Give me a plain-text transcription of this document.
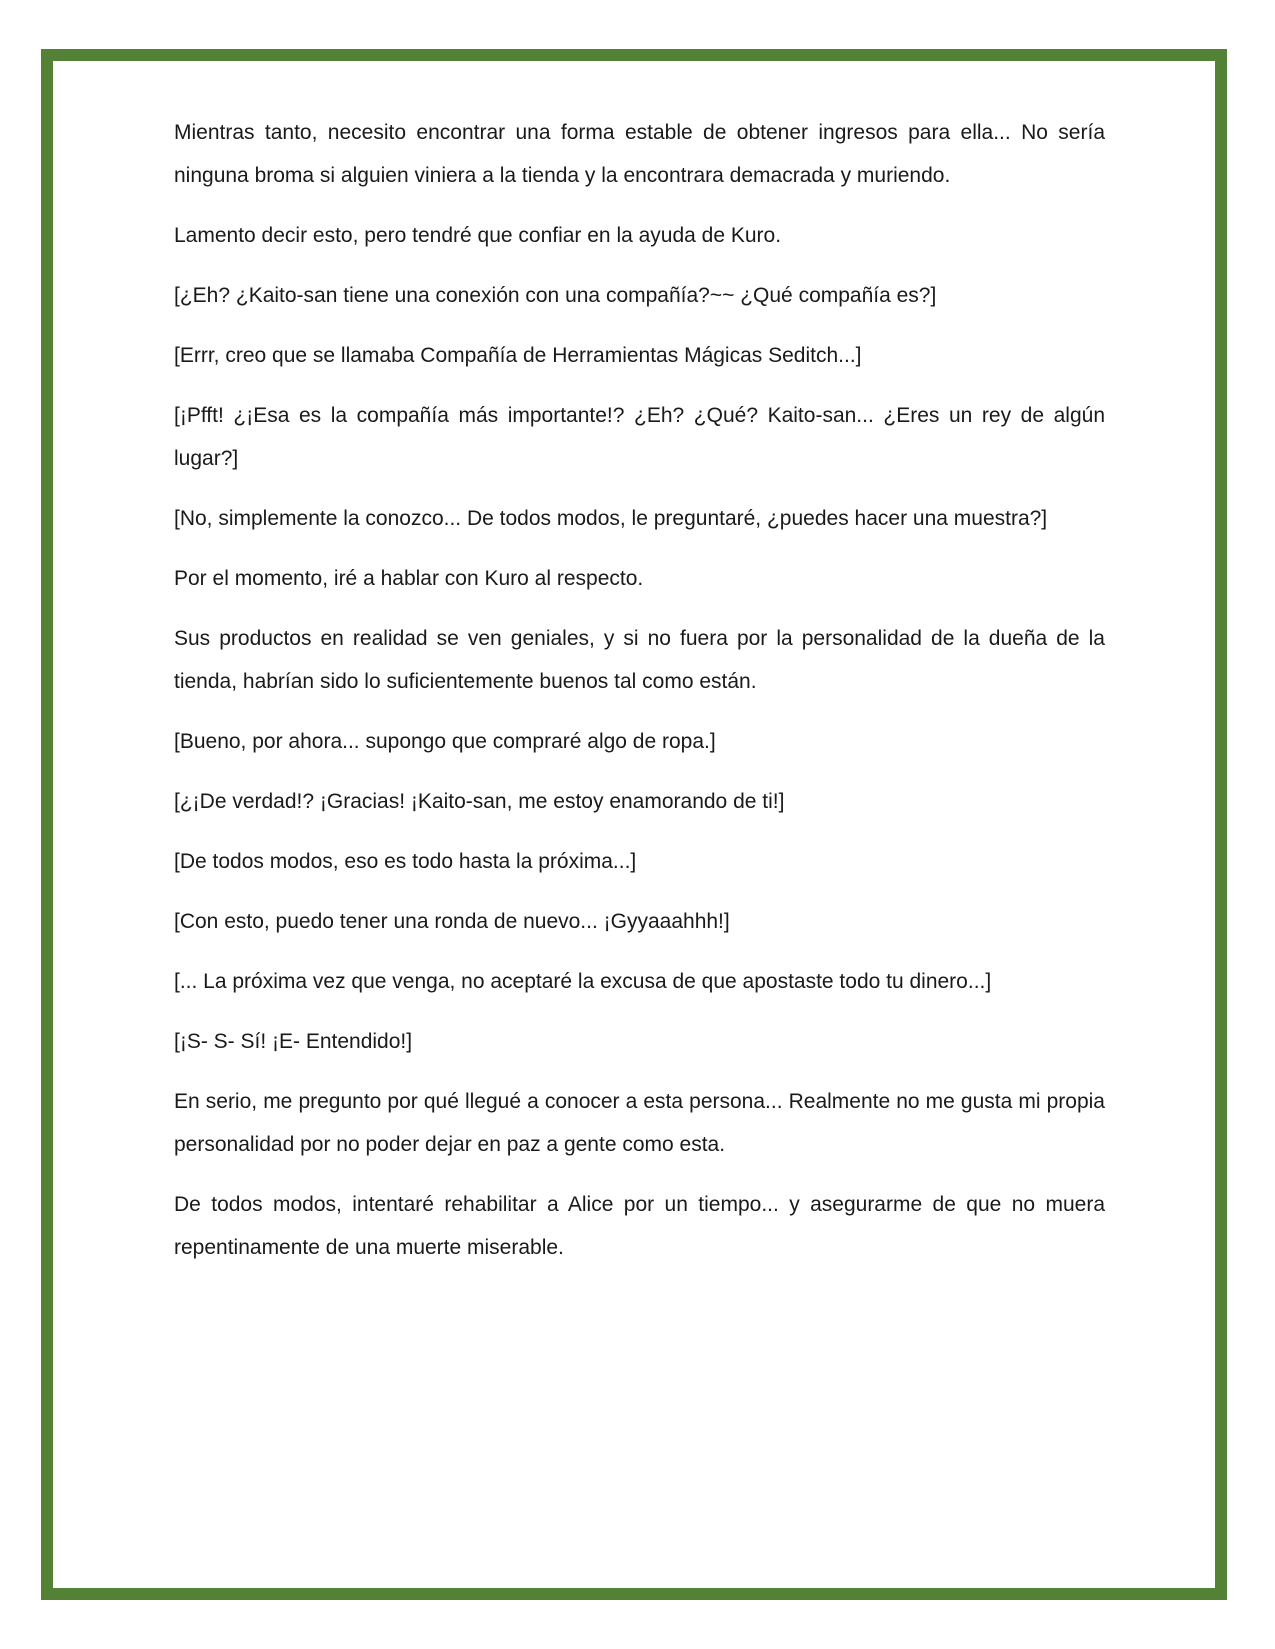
Mientras tanto, necesito encontrar una forma estable de obtener ingresos para ella... No sería ninguna broma si alguien viniera a la tienda y la encontrara demacrada y muriendo.

Lamento decir esto, pero tendré que confiar en la ayuda de Kuro.

[¿Eh? ¿Kaito-san tiene una conexión con una compañía?~~ ¿Qué compañía es?]

[Errr, creo que se llamaba Compañía de Herramientas Mágicas Seditch...]

[¡Pfft! ¿¡Esa es la compañía más importante!? ¿Eh? ¿Qué? Kaito-san... ¿Eres un rey de algún lugar?]

[No, simplemente la conozco... De todos modos, le preguntaré, ¿puedes hacer una muestra?]

Por el momento, iré a hablar con Kuro al respecto.

Sus productos en realidad se ven geniales, y si no fuera por la personalidad de la dueña de la tienda, habrían sido lo suficientemente buenos tal como están.

[Bueno, por ahora... supongo que compraré algo de ropa.]

[¿¡De verdad!? ¡Gracias! ¡Kaito-san, me estoy enamorando de ti!]

[De todos modos, eso es todo hasta la próxima...]

[Con esto, puedo tener una ronda de nuevo... ¡Gyyaaahhh!]

[... La próxima vez que venga, no aceptaré la excusa de que apostaste todo tu dinero...]

[¡S- S- Sí! ¡E- Entendido!]

En serio, me pregunto por qué llegué a conocer a esta persona... Realmente no me gusta mi propia personalidad por no poder dejar en paz a gente como esta.

De todos modos, intentaré rehabilitar a Alice por un tiempo... y asegurarme de que no muera repentinamente de una muerte miserable.
